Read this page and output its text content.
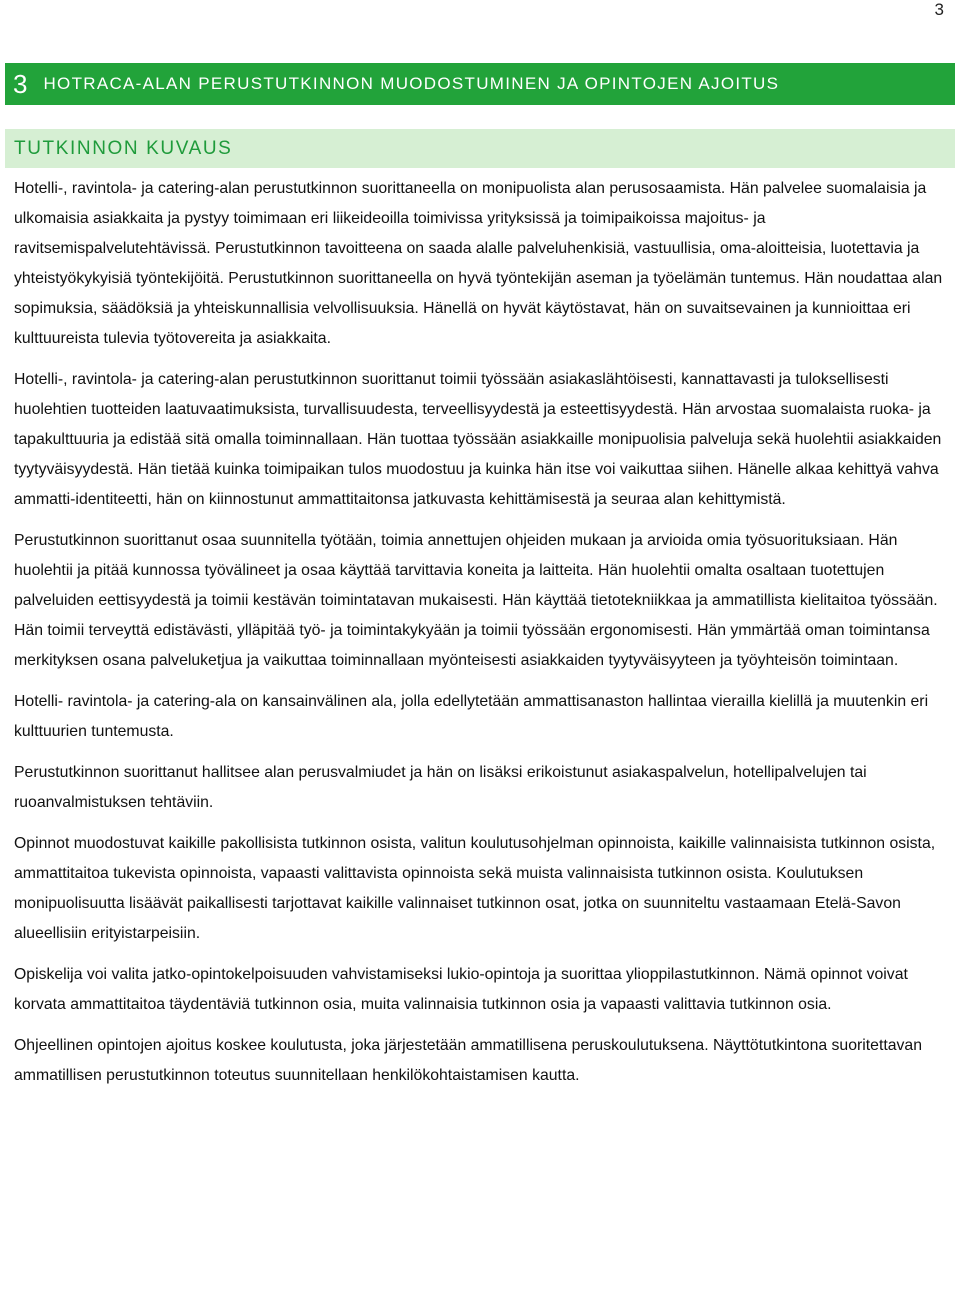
3
3 HOTRACA-ALAN PERUSTUTKINNON MUODOSTUMINEN JA OPINTOJEN AJOITUS
TUTKINNON KUVAUS

Hotelli-, ravintola- ja catering-alan perustutkinnon suorittaneella on monipuolista alan perusosaamista. Hän palvelee suomalaisia ja ulkomaisia asiakkaita ja pystyy toimimaan eri liikeideoilla toimivissa yrityksissä ja toimipaikoissa majoitus- ja ravitsemispalvelutehtävissä. Perustutkinnon tavoitteena on saada alalle palveluhenkisiä, vastuullisia, oma-aloitteisia, luotettavia ja yhteistyökykyisiä työntekijöitä. Perustutkinnon suorittaneella on hyvä työntekijän aseman ja työelämän tuntemus. Hän noudattaa alan sopimuksia, säädöksiä ja yhteiskunnallisia velvollisuuksia. Hänellä on hyvät käytöstavat, hän on suvaitsevainen ja kunnioittaa eri kulttuureista tulevia työtovereita ja asiakkaita.

Hotelli-, ravintola- ja catering-alan perustutkinnon suorittanut toimii työssään asiakaslähtöisesti, kannattavasti ja tuloksellisesti huolehtien tuotteiden laatuvaatimuksista, turvallisuudesta, terveellisyydestä ja esteettisyydestä. Hän arvostaa suomalaista ruoka- ja tapakulttuuria ja edistää sitä omalla toiminnallaan. Hän tuottaa työssään asiakkaille monipuolisia palveluja sekä huolehtii asiakkaiden tyytyväisyydestä. Hän tietää kuinka toimipaikan tulos muodostuu ja kuinka hän itse voi vaikuttaa siihen. Hänelle alkaa kehittyä vahva ammatti-identiteetti, hän on kiinnostunut ammattitaitonsa jatkuvasta kehittämisestä ja seuraa alan kehittymistä.

Perustutkinnon suorittanut osaa suunnitella työtään, toimia annettujen ohjeiden mukaan ja arvioida omia työsuorituksiaan. Hän huolehtii ja pitää kunnossa työvälineet ja osaa käyttää tarvittavia koneita ja laitteita. Hän huolehtii omalta osaltaan tuotettujen palveluiden eettisyydestä ja toimii kestävän toimintatavan mukaisesti. Hän käyttää tietotekniikkaa ja ammatillista kielitaitoa työssään. Hän toimii terveyttä edistävästi, ylläpitää työ- ja toimintakykyään ja toimii työssään ergonomisesti. Hän ymmärtää oman toimintansa merkityksen osana palveluketjua ja vaikuttaa toiminnallaan myönteisesti asiakkaiden tyytyväisyyteen ja työyhteisön toimintaan.

Hotelli- ravintola- ja catering-ala on kansainvälinen ala, jolla edellytetään ammattisanaston hallintaa vierailla kielillä ja muutenkin eri kulttuurien tuntemusta.

Perustutkinnon suorittanut hallitsee alan perusvalmiudet ja hän on lisäksi erikoistunut asiakaspalvelun, hotellipalvelujen tai ruoanvalmistuksen tehtäviin.

Opinnot muodostuvat kaikille pakollisista tutkinnon osista, valitun koulutusohjelman opinnoista, kaikille valinnaisista tutkinnon osista, ammattitaitoa tukevista opinnoista, vapaasti valittavista opinnoista sekä muista valinnaisista tutkinnon osista. Koulutuksen monipuolisuutta lisäävät paikallisesti tarjottavat kaikille valinnaiset tutkinnon osat, jotka on suunniteltu vastaamaan Etelä-Savon alueellisiin erityistarpeisiin.

Opiskelija voi valita jatko-opintokelpoisuuden vahvistamiseksi lukio-opintoja ja suorittaa ylioppilastutkinnon. Nämä opinnot voivat korvata ammattitaitoa täydentäviä tutkinnon osia, muita valinnaisia tutkinnon osia ja vapaasti valittavia tutkinnon osia.

Ohjeellinen opintojen ajoitus koskee koulutusta, joka järjestetään ammatillisena peruskoulutuksena. Näyttötutkintona suoritettavan ammatillisen perustutkinnon toteutus suunnitellaan henkilökohtaistamisen kautta.
